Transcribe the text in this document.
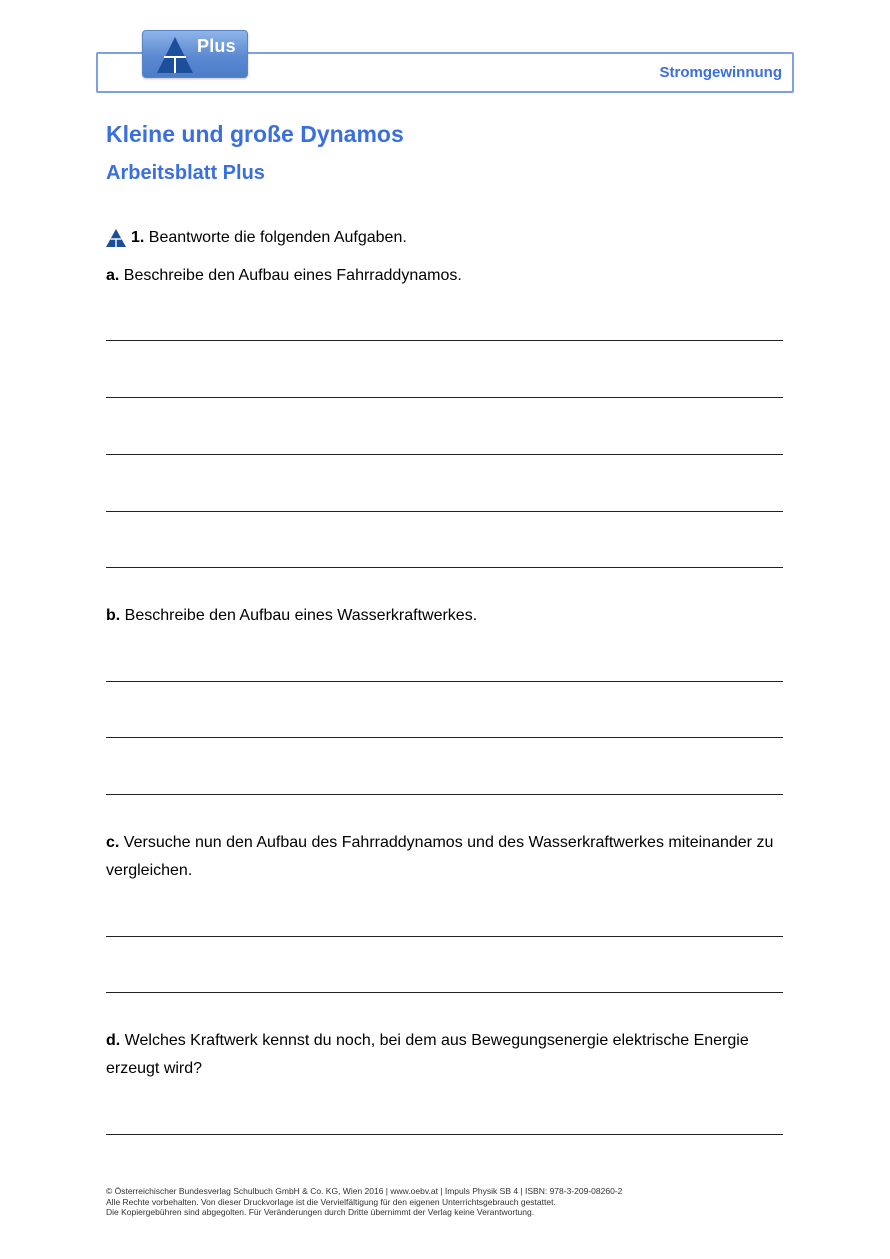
Stromgewinnung
Plus
Kleine und große Dynamos
Arbeitsblatt Plus
1.
Beantworte die folgenden Aufgaben.
a. Beschreibe den Aufbau eines Fahrraddynamos.
b. Beschreibe den Aufbau eines Wasserkraftwerkes.
c. Versuche nun den Aufbau des Fahrraddynamos und des Wasserkraftwerkes miteinander zu vergleichen.
d. Welches Kraftwerk kennst du noch, bei dem aus Bewegungsenergie elektrische Energie erzeugt wird?
© Österreichischer Bundesverlag Schulbuch GmbH & Co. KG, Wien 2016 | www.oebv.at | Impuls Physik SB 4 | ISBN: 978-3-209-08260-2
Alle Rechte vorbehalten. Von dieser Druckvorlage ist die Vervielfältigung für den eigenen Unterrichtsgebrauch gestattet.
Die Kopiergebühren sind abgegolten. Für Veränderungen durch Dritte übernimmt der Verlag keine Verantwortung.
